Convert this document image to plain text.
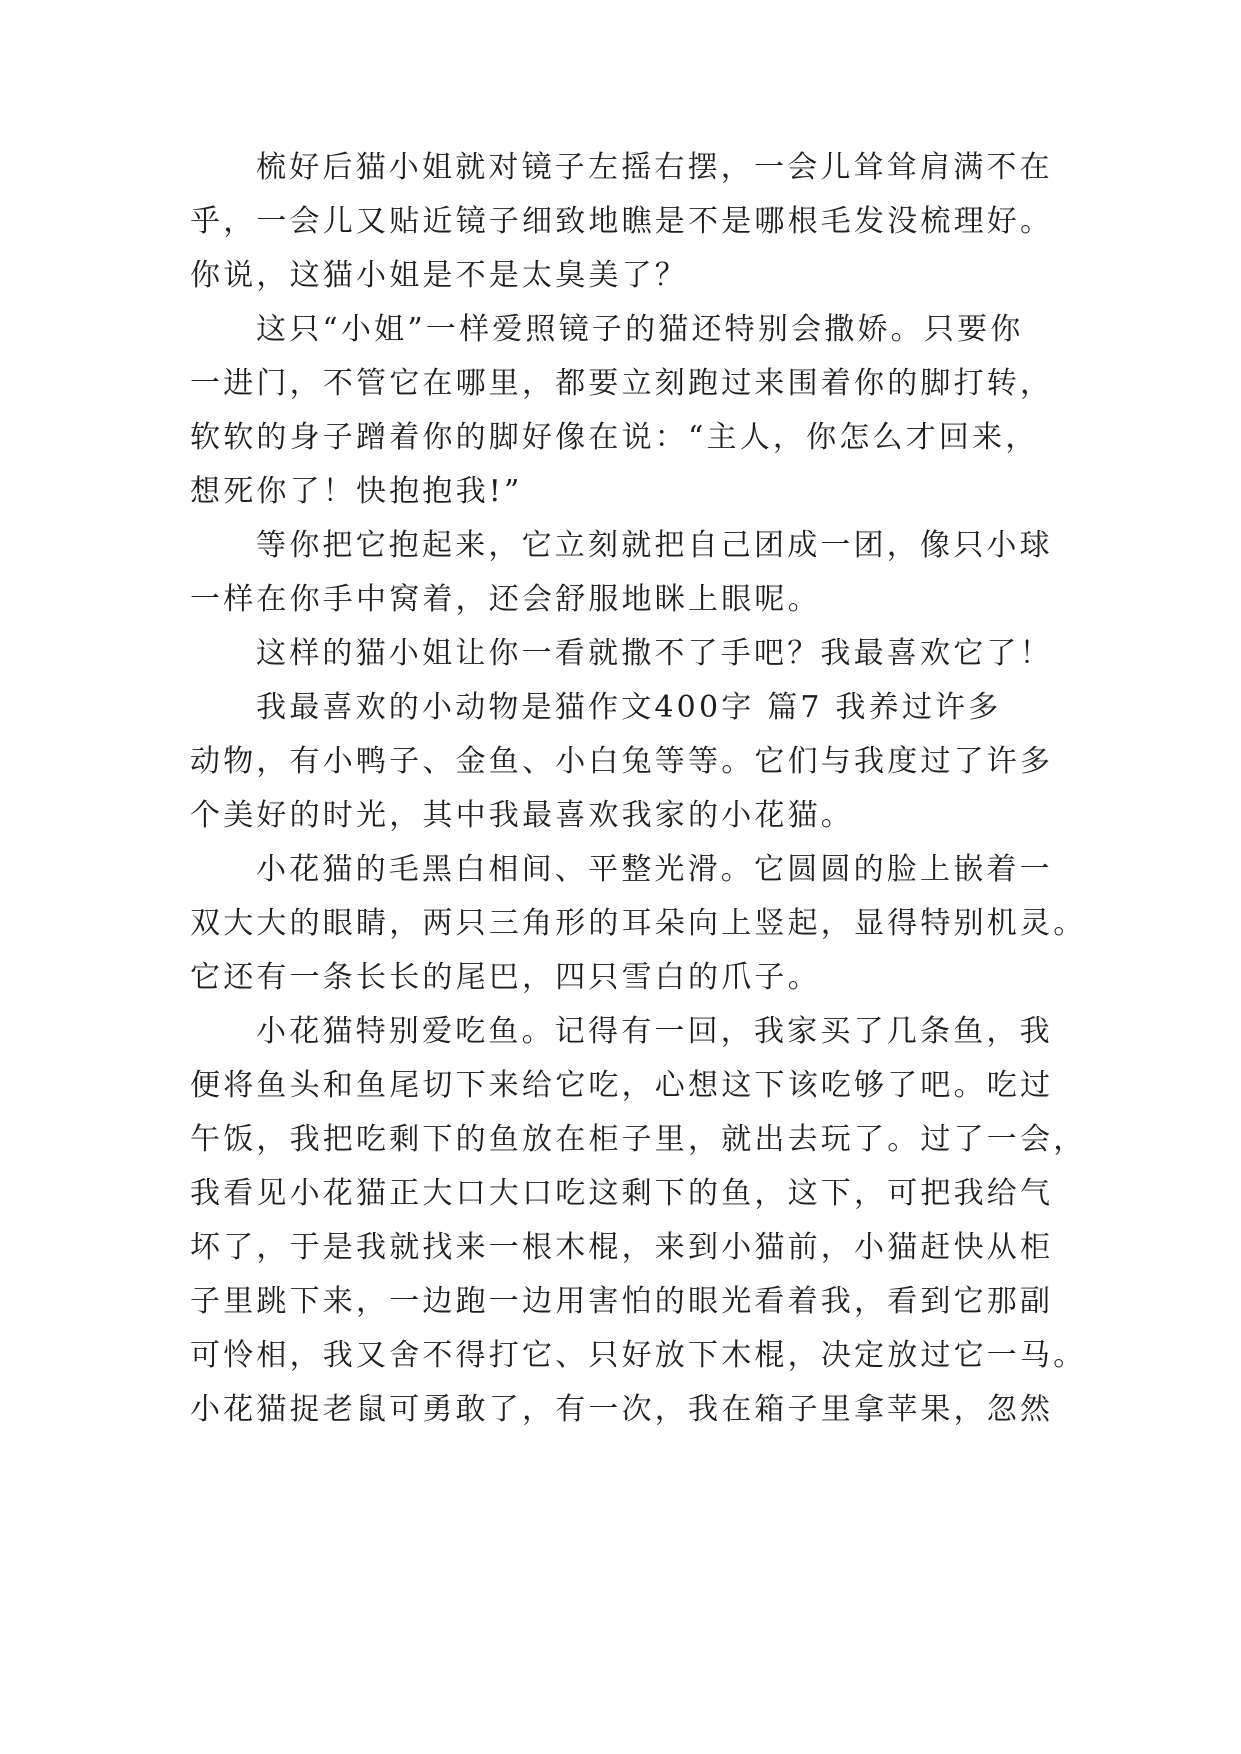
梳好后猫小姐就对镜子左摇右摆，一会儿耸耸肩满不在
乎，一会儿又贴近镜子细致地瞧是不是哪根毛发没梳理好。
你说，这猫小姐是不是太臭美了？
这只“小姐”一样爱照镜子的猫还特别会撒娇。只要你
一进门，不管它在哪里，都要立刻跑过来围着你的脚打转，
软软的身子蹭着你的脚好像在说：“主人，你怎么才回来，
想死你了！快抱抱我!”
等你把它抱起来，它立刻就把自己团成一团，像只小球
一样在你手中窝着，还会舒服地眯上眼呢。
这样的猫小姐让你一看就撒不了手吧？我最喜欢它了！
我最喜欢的小动物是猫作文400字 篇7 我养过许多
动物，有小鸭子、金鱼、小白兔等等。它们与我度过了许多
个美好的时光，其中我最喜欢我家的小花猫。
小花猫的毛黑白相间、平整光滑。它圆圆的脸上嵌着一
双大大的眼睛，两只三角形的耳朵向上竖起，显得特别机灵。
它还有一条长长的尾巴，四只雪白的爪子。
小花猫特别爱吃鱼。记得有一回，我家买了几条鱼，我
便将鱼头和鱼尾切下来给它吃，心想这下该吃够了吧。吃过
午饭，我把吃剩下的鱼放在柜子里，就出去玩了。过了一会，
我看见小花猫正大口大口吃这剩下的鱼，这下，可把我给气
坏了，于是我就找来一根木棍，来到小猫前，小猫赶快从柜
子里跳下来，一边跑一边用害怕的眼光看着我，看到它那副
可怜相，我又舍不得打它、只好放下木棍，决定放过它一马。
小花猫捉老鼠可勇敢了，有一次，我在箱子里拿苹果，忽然
